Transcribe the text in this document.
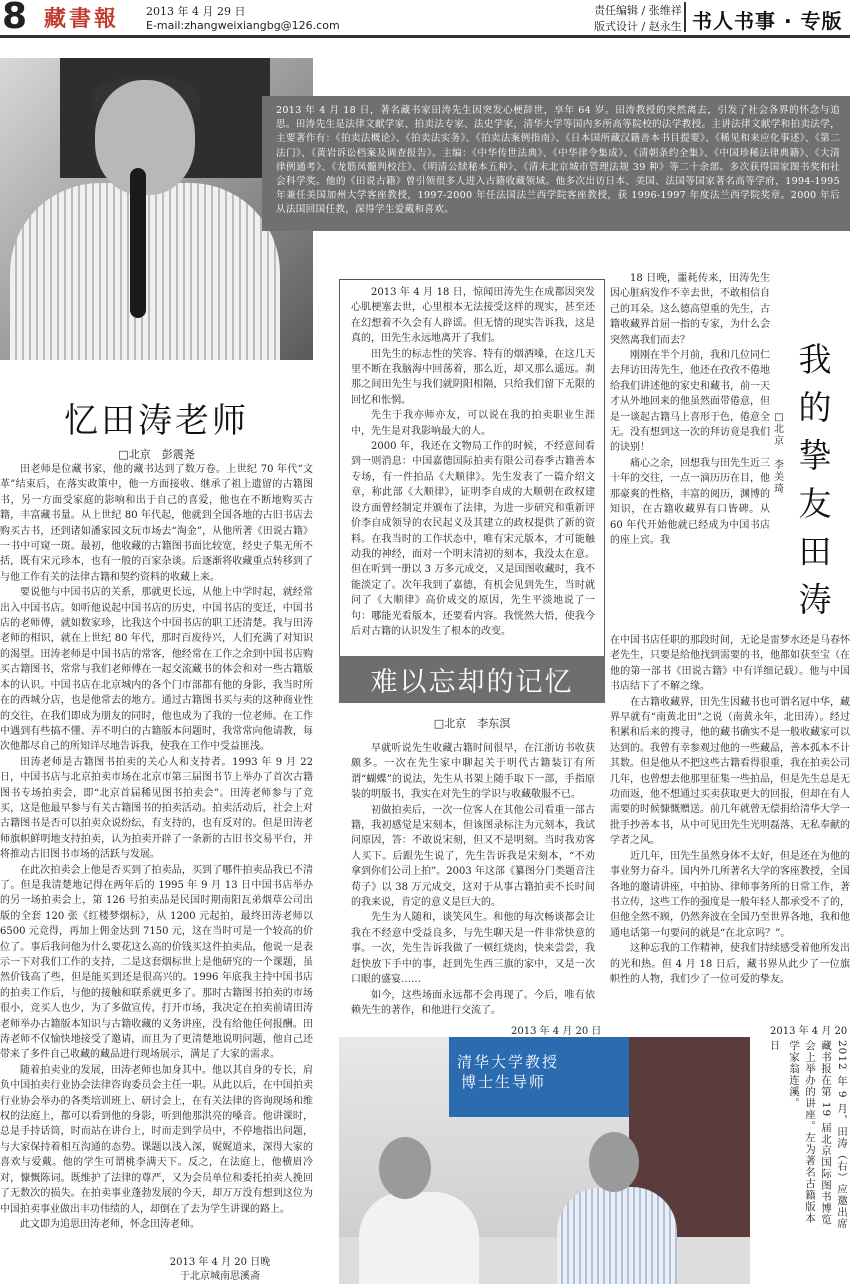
8 藏書報 2013 年 4 月 29 日
E-mail:zhangweixiangbg@126.com
责任编辑 / 张维祥
版式设计 / 赵永生 书人书事 · 专版
2013 年 4 月 18 日，著名藏书家田涛先生因突发心梗辞世，享年 64 岁。田涛教授的突然离去，引发了社会各界的怀念与追思。田涛先生是法律文献学家、拍卖法专家、法史学家，清华大学等国内多所高等院校的法学教授。主讲法律文献学和拍卖法学，主要著作有：《拍卖法概论》、《拍卖法实务》、《拍卖法案例指南》、《日本国所藏汉籍善本书目提要》、《稀见和来应化事述》、《第二法门》、《黄岩诉讼档案及调查报告》。主编：《中华传世法典》、《中华律令集成》、《清朝条约全集》、《中国珍稀法律典籍》、《大清律例通考》、《龙筋凤髓判校注》、《明清公牍秘本五种》、《清末北京城市管理法规 39 种》等二十余部。多次获得国家图书奖和社会科学奖。他的《田说古籍》曾引领很多人进入古籍收藏领域。他多次出访日本、美国、法国等国家著名高等学府，1994-1995 年兼任美国加州大学客座教授，1997-2000 年任法国法兰西学院客座教授，获 1996-1997 年度法兰西学院奖章。2000 年后从法国回国任教，深得学生爱戴和喜欢。
忆田涛老师
□北京　彭震尧

田老师是位藏书家，他的藏书达到了数万卷。上世纪 70 年代“文革”结束后，在落实政策中，他一方面接收、继承了祖上遗留的古籍图书，另一方面受家庭的影响和出于自己的喜爱，他也在不断地购买古籍，丰富藏书量。从上世纪 80 年代起，他就到全国各地的古旧书店去购买古书，还到诸如潘家园文玩市场去“淘金”，从他所著《田说古籍》一书中可窥一斑。最初，他收藏的古籍图书面比较宽，经史子集无所不括，既有宋元珍本，也有一般的百家杂谈。后逐渐将收藏重点转移到了与他工作有关的法律古籍和契约资料的收藏上来。

要说他与中国书店的关系，那就更长远，从他上中学时起，就经常出入中国书店。如听他说起中国书店的历史，中国书店的变迁，中国书店的老师傅，就如数家珍，比我这个中国书店的职工还清楚。我与田涛老师的相识，就在上世纪 80 年代，那时百废待兴，人们充满了对知识的渴望。田涛老师是中国书店的常客，他经常在工作之余到中国书店购买古籍图书，常常与我们老师傅在一起交流藏书的体会和对一些古籍版本的认识。中国书店在北京城内的各个门市部都有他的身影，我当时所在的西城分店，也是他常去的地方。通过古籍图书买与卖的这种商业性的交往，在我们即成为朋友的同时，他也成为了我的一位老师。在工作中遇到有些搞不懂、弄不明白的古籍版本问题时，我常常向他请教，每次他都尽自己的所知详尽地告诉我，使我在工作中受益匪浅。

田涛老师是古籍图书拍卖的关心人和支持者。1993 年 9 月 22 日，中国书店与北京拍卖市场在北京市第三届图书节上举办了首次古籍图书专场拍卖会，即“北京首届稀见图书拍卖会”。田涛老师参与了竞买，这是他最早参与有关古籍图书的拍卖活动。拍卖活动后，社会上对古籍图书是否可以拍卖众说纷纭，有支持的，也有反对的。但是田涛老师旗帜鲜明地支持拍卖，认为拍卖开辟了一条新的古旧书交易平台，并将推动古旧图书市场的活跃与发展。

在此次拍卖会上他是否买到了拍卖品，买到了哪件拍卖品我已不清了。但是我清楚地记得在两年后的 1995 年 9 月 13 日中国书店举办的另一场拍卖会上，第 126 号拍卖品是民国时期南阳瓦弟烟草公司出版的全套 120 张《红楼梦烟标》，从 1200 元起拍，最终田涛老师以 6500 元竞得，再加上佣金达到 7150 元，这在当时可是一个较高的价位了。事后我问他为什么要花这么高的价钱买这件拍卖品，他说一是表示一下对我们工作的支持，二是这套烟标世上是他研究的一个课题，虽然价钱高了些，但是能买到还是很高兴的。1996 年底我主持中国书店的拍卖工作后，与他的接触和联系就更多了。那时古籍图书拍卖的市场很小，竞买人也少，为了多做宣传，打开市场，我决定在拍卖前请田涛老师举办古籍版本知识与古籍收藏的义务讲座，没有给他任何报酬。田涛老师不仅愉快地接受了邀请，而且为了更清楚地说明问题，他自己还带来了多件自己收藏的藏品进行现场展示，满足了大家的需求。

随着拍卖业的发展，田涛老师也加身其中。他以其自身的专长，肩负中国拍卖行业协会法律咨询委员会主任一职。从此以后，在中国拍卖行业协会举办的各类培训班上、研讨会上，在有关法律的咨询现场和维权的法庭上，都可以看到他的身影，听到他那洪亮的嗓音。他讲课时，总是手持话筒，时而站在讲台上，时而走到学员中，不停地指出问题，与大家保持着相互沟通的态势。课题以浅入深，娓娓道来，深得大家的喜欢与爱戴。他的学生可谓桃李满天下。反之，在法庭上，他横眉冷对，慷慨陈词。既维护了法律的尊严，又为会员单位和委托拍卖人挽回了无数次的损失。在拍卖事业蓬勃发展的今天，却万万没有想到这位为中国拍卖事业做出丰功伟绩的人，却倒在了去为学生讲课的路上。

此文即为追思田涛老师，怀念田涛老师。

2013 年 4 月 20 日晚
于北京城南思溪斋

2013 年 4 月 18 日，惊闻田涛先生在成都因突发心肌梗塞去世，心里根本无法接受这样的现实，甚至还在幻想着不久会有人辟谣。但无情的现实告诉我，这是真的，田先生永远地离开了我们。

田先生的标志性的笑容、特有的烟酒嗓，在这几天里不断在我脑海中回荡着，那么近，却又那么遥远。刹那之间田先生与我们就阴阳相隔，只给我们留下无限的回忆和怅惘。

先生于我亦师亦友，可以说在我的拍卖职业生涯中，先生是对我影响最大的人。

2000 年，我还在文物局工作的时候，不经意间看到一则消息：中国嘉德国际拍卖有限公司春季古籍善本专场，有一件拍品《大顺律》。先生发表了一篇介绍文章，称此部《大顺律》，证明李自成的大顺朝在政权建设方面曾经制定并颁布了法律，为进一步研究和重新评价李自成领导的农民起义及其建立的政权提供了新的资料。在我当时的工作状态中，唯有宋元版本，才可能触动我的神经，面对一个明末清初的刻本，我没太在意。但在听到一册以 3 万多元成交，又是国图收藏时，我不能淡定了。次年我到了嘉德，有机会见到先生，当时就问了《大顺律》高价成交的原因，先生平淡地说了一句：哪能光看版本，还要看内容。我恍然大悟，使我今后对古籍的认识发生了根本的改变。

难以忘却的记忆
□北京　李东溟

早就听说先生收藏古籍时间很早，在江浙访书收获颇多。一次在先生家中聊起关于明代古籍装订有所谓“蝴蝶”的说法，先生从书架上随手取下一部，手指原装的明版书，我实在对先生的学识与收藏敬服不已。

初做拍卖后，一次一位客人在其他公司看重一部古籍，我初感觉是宋刻本，但该图录标注为元刻本，我试问原因，答：不敢说宋刻，但又不是明刻。当时我劝客人买下。后跟先生说了，先生告诉我是宋刻本，“不劝拿到你们公司上拍”。2003 年这部《纂图分门类题音注荀子》以 38 万元成交，这对于从事古籍拍卖不长时间的我来说，肯定的意义是巨大的。

先生为人随和，谈笑风生。和他的每次畅谈都会让我在不经意中受益良多，与先生聊天是一件非常快意的事。一次，先生告诉我做了一顿红烧肉，快来尝尝，我赶快放下手中的事，赶到先生西三旗的家中，又是一次口眼的盛宴……

如今，这些场面永远都不会再现了。今后，唯有依赖先生的著作，和他进行交流了。

2013 年 4 月 20 日

18 日晚，噩耗传来，田涛先生因心脏病发作不幸去世，不敢相信自己的耳朵。这么德高望重的先生，古籍收藏界首屈一指的专家，为什么会突然离我们而去？

刚刚在半个月前，我和几位同仁去拜访田涛先生，他还在孜孜不倦地给我们讲述他的家史和藏书，前一天才从外地回来的他虽然面带倦意，但是一谈起古籍马上喜形于色，倦意全无。没有想到这一次的拜访竟是我们的诀别！

痛心之余，回想我与田先生近三十年的交往，一点一滴历历在目，他那豪爽的性格，丰富的阅历，渊博的知识，在古籍收藏界有口皆碑。从 60 年代开始他就已经成为中国书店的座上宾。我

我
的
挚
友
田
涛
□
北
京

李
美
琦

在中国书店任职的那段时间，无论是雷梦水还是马春怀老先生，只要是给他找到需要的书，他都如获至宝（在他的第一部书《田说古籍》中有详细记载）。他与中国书店结下了不解之缘。

在古籍收藏界，田先生因藏书也可谓名冠中华，藏界早就有“南黄北田”之说（南黄永年，北田涛）。经过积累和后来的搜寻，他的藏书确实不是一般收藏家可以达到的。我曾有幸参观过他的一些藏品，善本孤本不计其数。但是他从不把这些古籍看得很重，我在拍卖公司几年，也曾想去他那里征集一些拍品，但是先生总是无功而返，他不想通过买卖获取更大的回报，但却在有人需要的时候慷慨赠送。前几年就曾无偿捐给清华大学一批手抄善本书，从中可见田先生光明磊落、无私奉献的学者之风。

近几年，田先生虽然身体不太好，但是还在为他的事业努力奋斗。国内外几所著名大学的客座教授，全国各地的邀请讲座，中拍协、律师事务所的日常工作，著书立传，这些工作的强度是一般年轻人都承受不了的，但他全然不顾，仍然奔波在全国乃至世界各地，我和他通电话第一句要问的就是“在北京吗？”。

这种忘我的工作精神，使我们持续感受着他所发出的光和热。但 4 月 18 日后，藏书界从此少了一位旗帜性的人物，我们少了一位可爱的挚友。

2013 年 4 月 20 日
清华大学教授
博士生导师	2012 年 9 月，田涛（右）应邀出席藏书报在第 19 届北京国际图书博览会上举办的讲座。左为著名古籍版本学家翁连溪。
